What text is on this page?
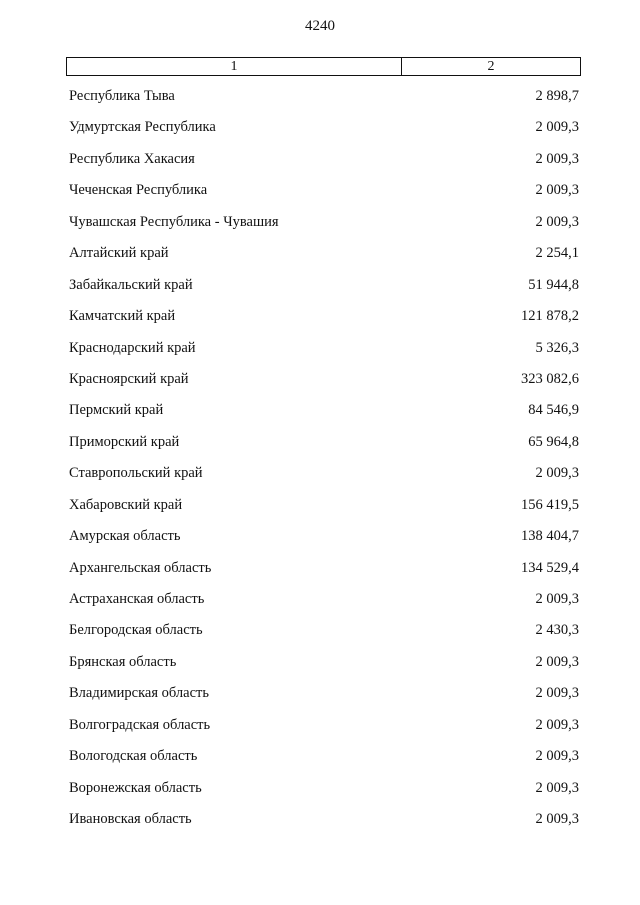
4240
1	2
Республика Тыва	2 898,7
Удмуртская Республика	2 009,3
Республика Хакасия	2 009,3
Чеченская Республика	2 009,3
Чувашская Республика - Чувашия	2 009,3
Алтайский край	2 254,1
Забайкальский край	51 944,8
Камчатский край	121 878,2
Краснодарский край	5 326,3
Красноярский край	323 082,6
Пермский край	84 546,9
Приморский край	65 964,8
Ставропольский край	2 009,3
Хабаровский край	156 419,5
Амурская область	138 404,7
Архангельская область	134 529,4
Астраханская область	2 009,3
Белгородская область	2 430,3
Брянская область	2 009,3
Владимирская область	2 009,3
Волгоградская область	2 009,3
Вологодская область	2 009,3
Воронежская область	2 009,3
Ивановская область	2 009,3
